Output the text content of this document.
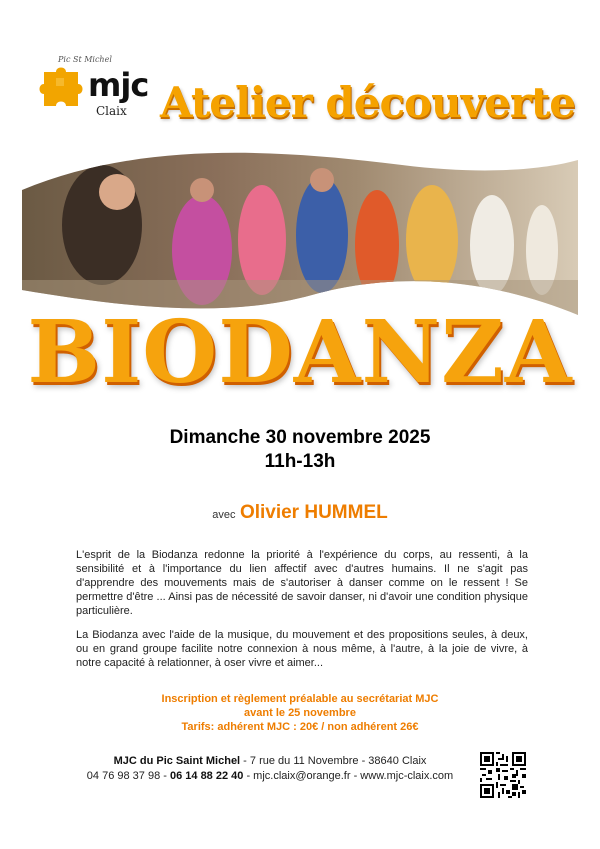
Pic St Michel
mjc
Claix Atelier découverte
BIODANZA
Dimanche 30 novembre 2025
11h-13h
avec Olivier HUMMEL
L'esprit de la Biodanza redonne la priorité à l'expérience du corps, au ressenti, à la sensibilité et à l'importance du lien affectif avec d'autres humains. Il ne s'agit pas d'apprendre des mouvements mais de s'autoriser à danser comme on le ressent ! Se permettre d'être ... Ainsi pas de nécessité de savoir danser, ni d'avoir une condition physique particulière.
La Biodanza avec l'aide de la musique, du mouvement et des propositions seules, à deux, ou en grand groupe facilite notre connexion à nous même, à l'autre, à la joie de vivre, à notre capacité à relationner, à oser vivre et aimer...
Inscription et règlement préalable au secrétariat MJC
avant le 25 novembre
Tarifs: adhérent MJC : 20€ / non adhérent 26€
MJC du Pic Saint Michel - 7 rue du 11 Novembre - 38640 Claix
04 76 98 37 98 - 06 14 88 22 40 - mjc.claix@orange.fr - www.mjc-claix.com
